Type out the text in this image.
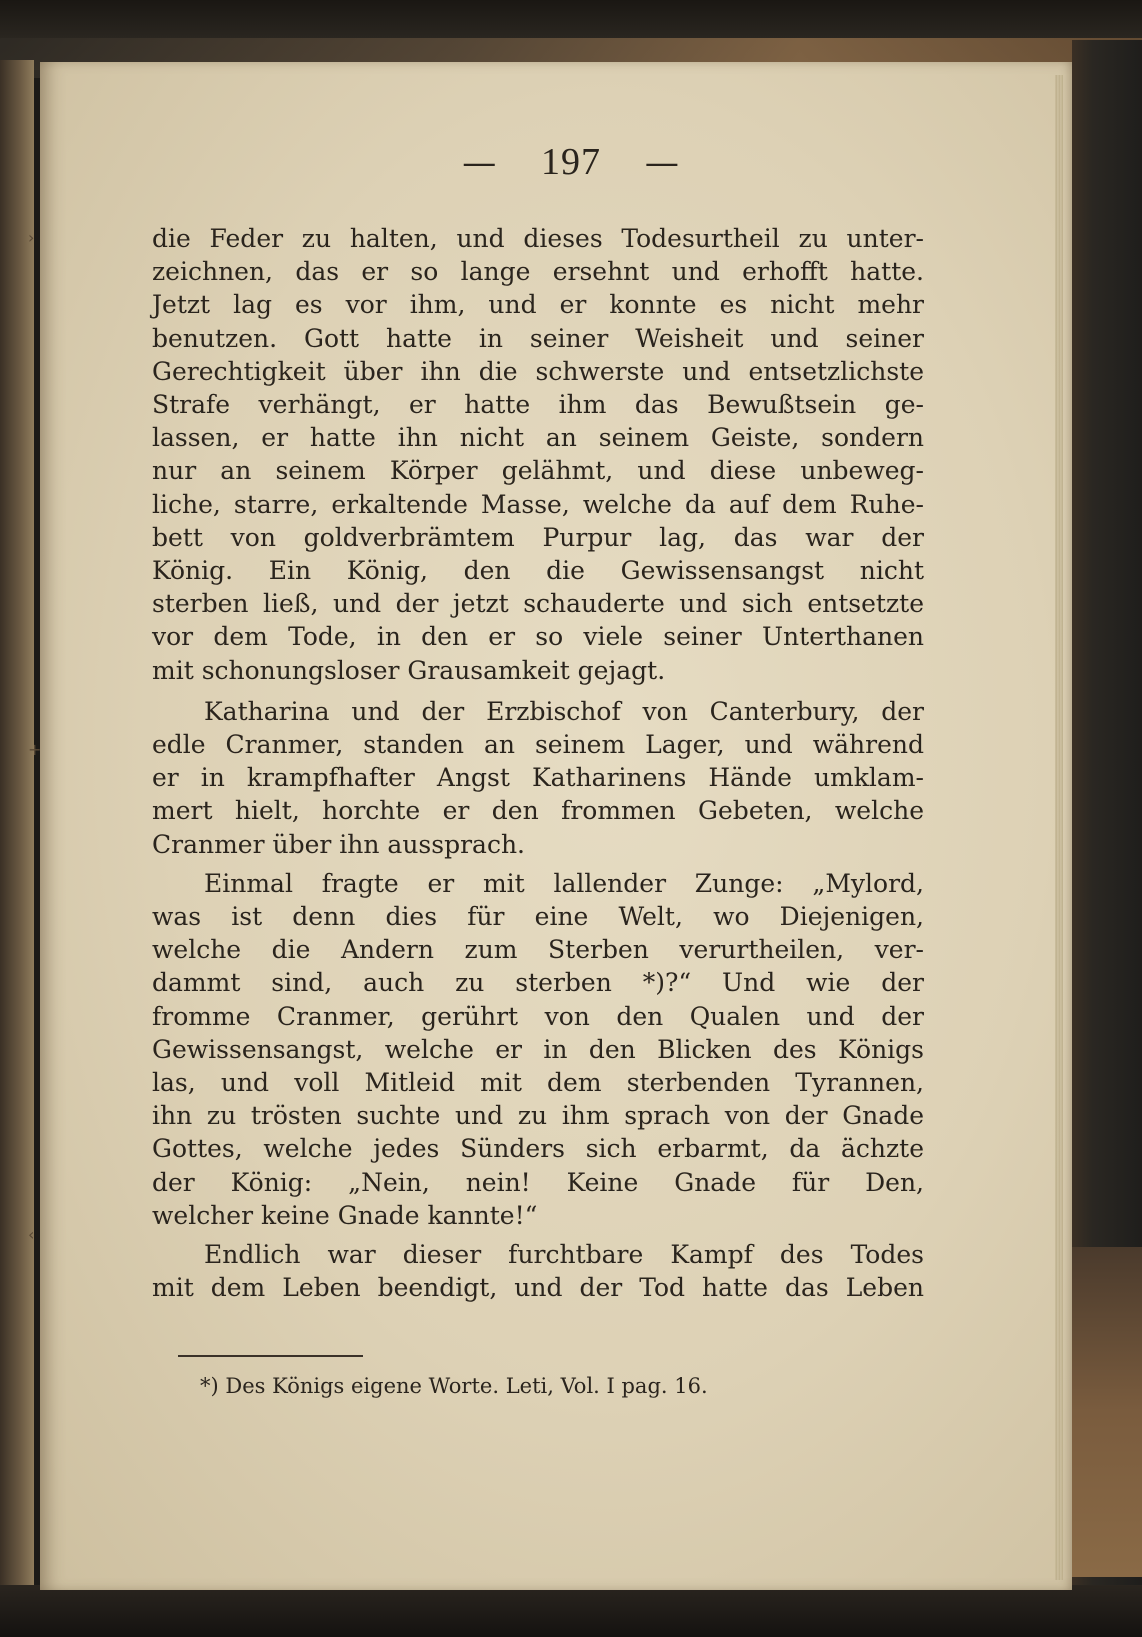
›
+
‹
— 197 —
die Feder zu halten, und dieses Todesurtheil zu unter-
zeichnen, das er so lange ersehnt und erhofft hatte.
Jetzt lag es vor ihm, und er konnte es nicht mehr
benutzen. Gott hatte in seiner Weisheit und seiner
Gerechtigkeit über ihn die schwerste und entsetzlichste
Strafe verhängt, er hatte ihm das Bewußtsein ge-
lassen, er hatte ihn nicht an seinem Geiste, sondern
nur an seinem Körper gelähmt, und diese unbeweg-
liche, starre, erkaltende Masse, welche da auf dem Ruhe-
bett von goldverbrämtem Purpur lag, das war der
König. Ein König, den die Gewissensangst nicht
sterben ließ, und der jetzt schauderte und sich entsetzte
vor dem Tode, in den er so viele seiner Unterthanen
mit schonungsloser Grausamkeit gejagt.
Katharina und der Erzbischof von Canterbury, der
edle Cranmer, standen an seinem Lager, und während
er in krampfhafter Angst Katharinens Hände umklam-
mert hielt, horchte er den frommen Gebeten, welche
Cranmer über ihn aussprach.
Einmal fragte er mit lallender Zunge: „Mylord,
was ist denn dies für eine Welt, wo Diejenigen,
welche die Andern zum Sterben verurtheilen, ver-
dammt sind, auch zu sterben *)?“ Und wie der
fromme Cranmer, gerührt von den Qualen und der
Gewissensangst, welche er in den Blicken des Königs
las, und voll Mitleid mit dem sterbenden Tyrannen,
ihn zu trösten suchte und zu ihm sprach von der Gnade
Gottes, welche jedes Sünders sich erbarmt, da ächzte
der König: „Nein, nein! Keine Gnade für Den,
welcher keine Gnade kannte!“
Endlich war dieser furchtbare Kampf des Todes
mit dem Leben beendigt, und der Tod hatte das Leben
*) Des Königs eigene Worte. Leti, Vol. I pag. 16.
